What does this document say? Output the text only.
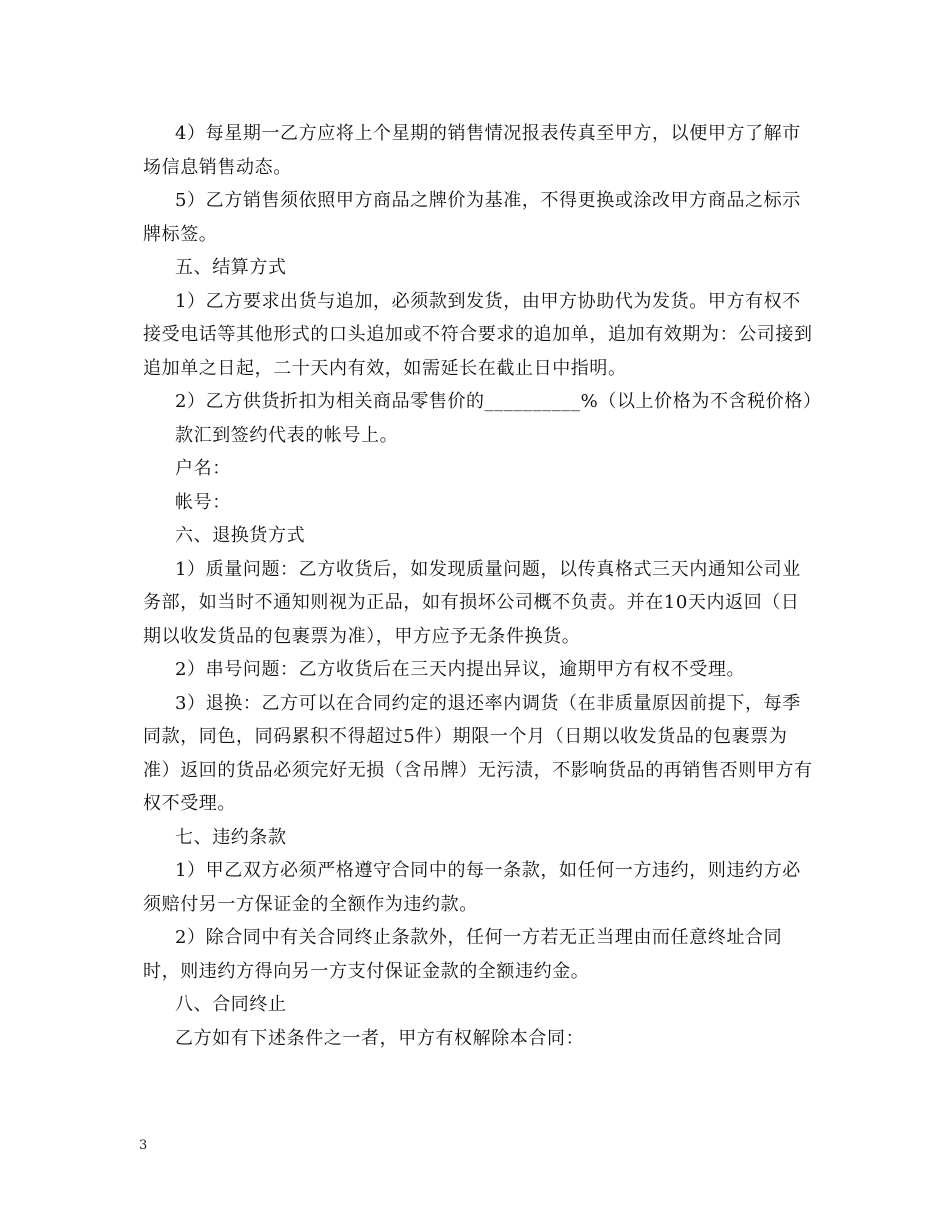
4）每星期一乙方应将上个星期的销售情况报表传真至甲方，以便甲方了解市场信息销售动态。

5）乙方销售须依照甲方商品之牌价为基准，不得更换或涂改甲方商品之标示牌标签。

五、结算方式

1）乙方要求出货与追加，必须款到发货，由甲方协助代为发货。甲方有权不接受电话等其他形式的口头追加或不符合要求的追加单，追加有效期为：公司接到追加单之日起，二十天内有效，如需延长在截止日中指明。

2）乙方供货折扣为相关商品零售价的__________%（以上价格为不含税价格）

款汇到签约代表的帐号上。

户名：

帐号：

六、退换货方式

1）质量问题：乙方收货后，如发现质量问题，以传真格式三天内通知公司业务部，如当时不通知则视为正品，如有损坏公司概不负责。并在10天内返回（日期以收发货品的包裹票为准），甲方应予无条件换货。

2）串号问题：乙方收货后在三天内提出异议，逾期甲方有权不受理。

3）退换：乙方可以在合同约定的退还率内调货（在非质量原因前提下，每季同款，同色，同码累积不得超过5件）期限一个月（日期以收发货品的包裹票为准）返回的货品必须完好无损（含吊牌）无污渍，不影响货品的再销售否则甲方有权不受理。

七、违约条款

1）甲乙双方必须严格遵守合同中的每一条款，如任何一方违约，则违约方必须赔付另一方保证金的全额作为违约款。

2）除合同中有关合同终止条款外，任何一方若无正当理由而任意终址合同时，则违约方得向另一方支付保证金款的全额违约金。

八、合同终止

乙方如有下述条件之一者，甲方有权解除本合同：

3
